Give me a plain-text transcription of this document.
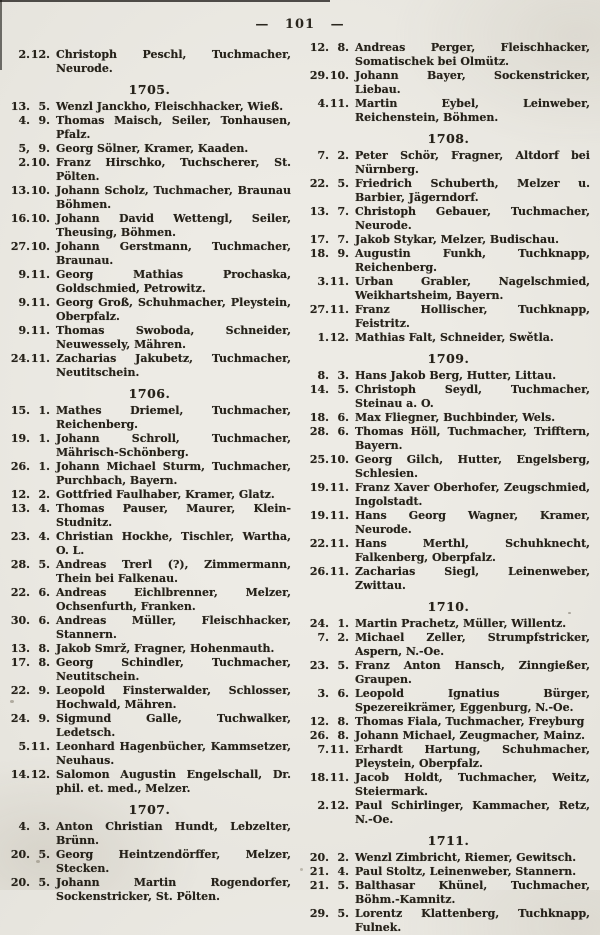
— 101 —
2. 12. Christoph Peschl, Tuchmacher, Neurode.
1705.
13. 5. Wenzl Janckho, Fleischhacker, Wieß.
4. 9. Thomas Maisch, Seiler, Tonhausen, Pfalz.
5, 9. Georg Sölner, Kramer, Kaaden.
2. 10. Franz Hirschko, Tuchscherer, St. Pölten.
13. 10. Johann Scholz, Tuchmacher, Braunau Böhmen.
16. 10. Johann David Wettengl, Seiler, Theusing, Böhmen.
27. 10. Johann Gerstmann, Tuchmacher, Braunau.
9. 11. Georg Mathias Prochaska, Goldschmied, Petrowitz.
9. 11. Georg Groß, Schuhmacher, Pleystein, Oberpfalz.
9. 11. Thomas Swoboda, Schneider, Neuwessely, Mähren.
24. 11. Zacharias Jakubetz, Tuchmacher, Neutitschein.
1706.
15. 1. Mathes Driemel, Tuchmacher, Reichenberg.
19. 1. Johann Schroll, Tuchmacher, Mährisch-Schönberg.
26. 1. Johann Michael Sturm, Tuchmacher, Purchbach, Bayern.
12. 2. Gottfried Faulhaber, Kramer, Glatz.
13. 4. Thomas Pauser, Maurer, Klein-Studnitz.
23. 4. Christian Hockhe, Tischler, Wartha, O. L.
28. 5. Andreas Trerl (?), Zimmermann, Thein bei Falkenau.
22. 6. Andreas Eichlbrenner, Melzer, Ochsenfurth, Franken.
30. 6. Andreas Müller, Fleischhacker, Stannern.
13. 8. Jakob Smrž, Fragner, Hohenmauth.
17. 8. Georg Schindler, Tuchmacher, Neutitschein.
22. 9. Leopold Finsterwalder, Schlosser, Hochwald, Mähren.
24. 9. Sigmund Galle, Tuchwalker, Ledetsch.
5. 11. Leonhard Hagenbücher, Kammsetzer, Neuhaus.
14. 12. Salomon Augustin Engelschall, Dr. phil. et. med., Melzer.
1707.
4. 3. Anton Christian Hundt, Lebzelter, Brünn.
20. 5. Georg Heintzendörffer, Melzer, Stecken.
20. 5. Johann Martin Rogendorfer, Sockenstricker, St. Pölten.
12. 8. Andreas Perger, Fleischhacker, Somatischek bei Olmütz.
29. 10. Johann Bayer, Sockenstricker, Liebau.
4. 11. Martin Eybel, Leinweber, Reichenstein, Böhmen.
1708.
7. 2. Peter Schör, Fragner, Altdorf bei Nürnberg.
22. 5. Friedrich Schuberth, Melzer u. Barbier, Jägerndorf.
13. 7. Christoph Gebauer, Tuchmacher, Neurode.
17. 7. Jakob Stykar, Melzer, Budischau.
18. 9. Augustin Funkh, Tuchknapp, Reichenberg.
3. 11. Urban Grabler, Nagelschmied, Weikhartsheim, Bayern.
27. 11. Franz Hollischer, Tuchknapp, Feistritz.
1. 12. Mathias Falt, Schneider, Swětla.
1709.
8. 3. Hans Jakob Berg, Hutter, Littau.
14. 5. Christoph Seydl, Tuchmacher, Steinau a. O.
18. 6. Max Fliegner, Buchbinder, Wels.
28. 6. Thomas Höll, Tuchmacher, Trifftern, Bayern.
25. 10. Georg Gilch, Hutter, Engelsberg, Schlesien.
19. 11. Franz Xaver Oberhofer, Zeugschmied, Ingolstadt.
19. 11. Hans Georg Wagner, Kramer, Neurode.
22. 11. Hans Merthl, Schuhknecht, Falkenberg, Oberpfalz.
26. 11. Zacharias Siegl, Leinenweber, Zwittau.
1710.
24. 1. Martin Prachetz, Müller, Willentz.
7. 2. Michael Zeller, Strumpfstricker, Aspern, N.-Oe.
23. 5. Franz Anton Hansch, Zinngießer, Graupen.
3. 6. Leopold Ignatius Bürger, Spezereikrämer, Eggenburg, N.-Oe.
12. 8. Thomas Fiala, Tuchmacher, Freyburg
26. 8. Johann Michael, Zeugmacher, Mainz.
7. 11. Erhardt Hartung, Schuhmacher, Pleystein, Oberpfalz.
18. 11. Jacob Holdt, Tuchmacher, Weitz, Steiermark.
2. 12. Paul Schirlinger, Kammacher, Retz, N.-Oe.
1711.
20. 2. Wenzl Zimbricht, Riemer, Gewitsch.
21. 4. Paul Stoltz, Leinenweber, Stannern.
21. 5. Balthasar Khünel, Tuchmacher, Böhm.-Kamnitz.
29. 5. Lorentz Klattenberg, Tuchknapp, Fulnek.
